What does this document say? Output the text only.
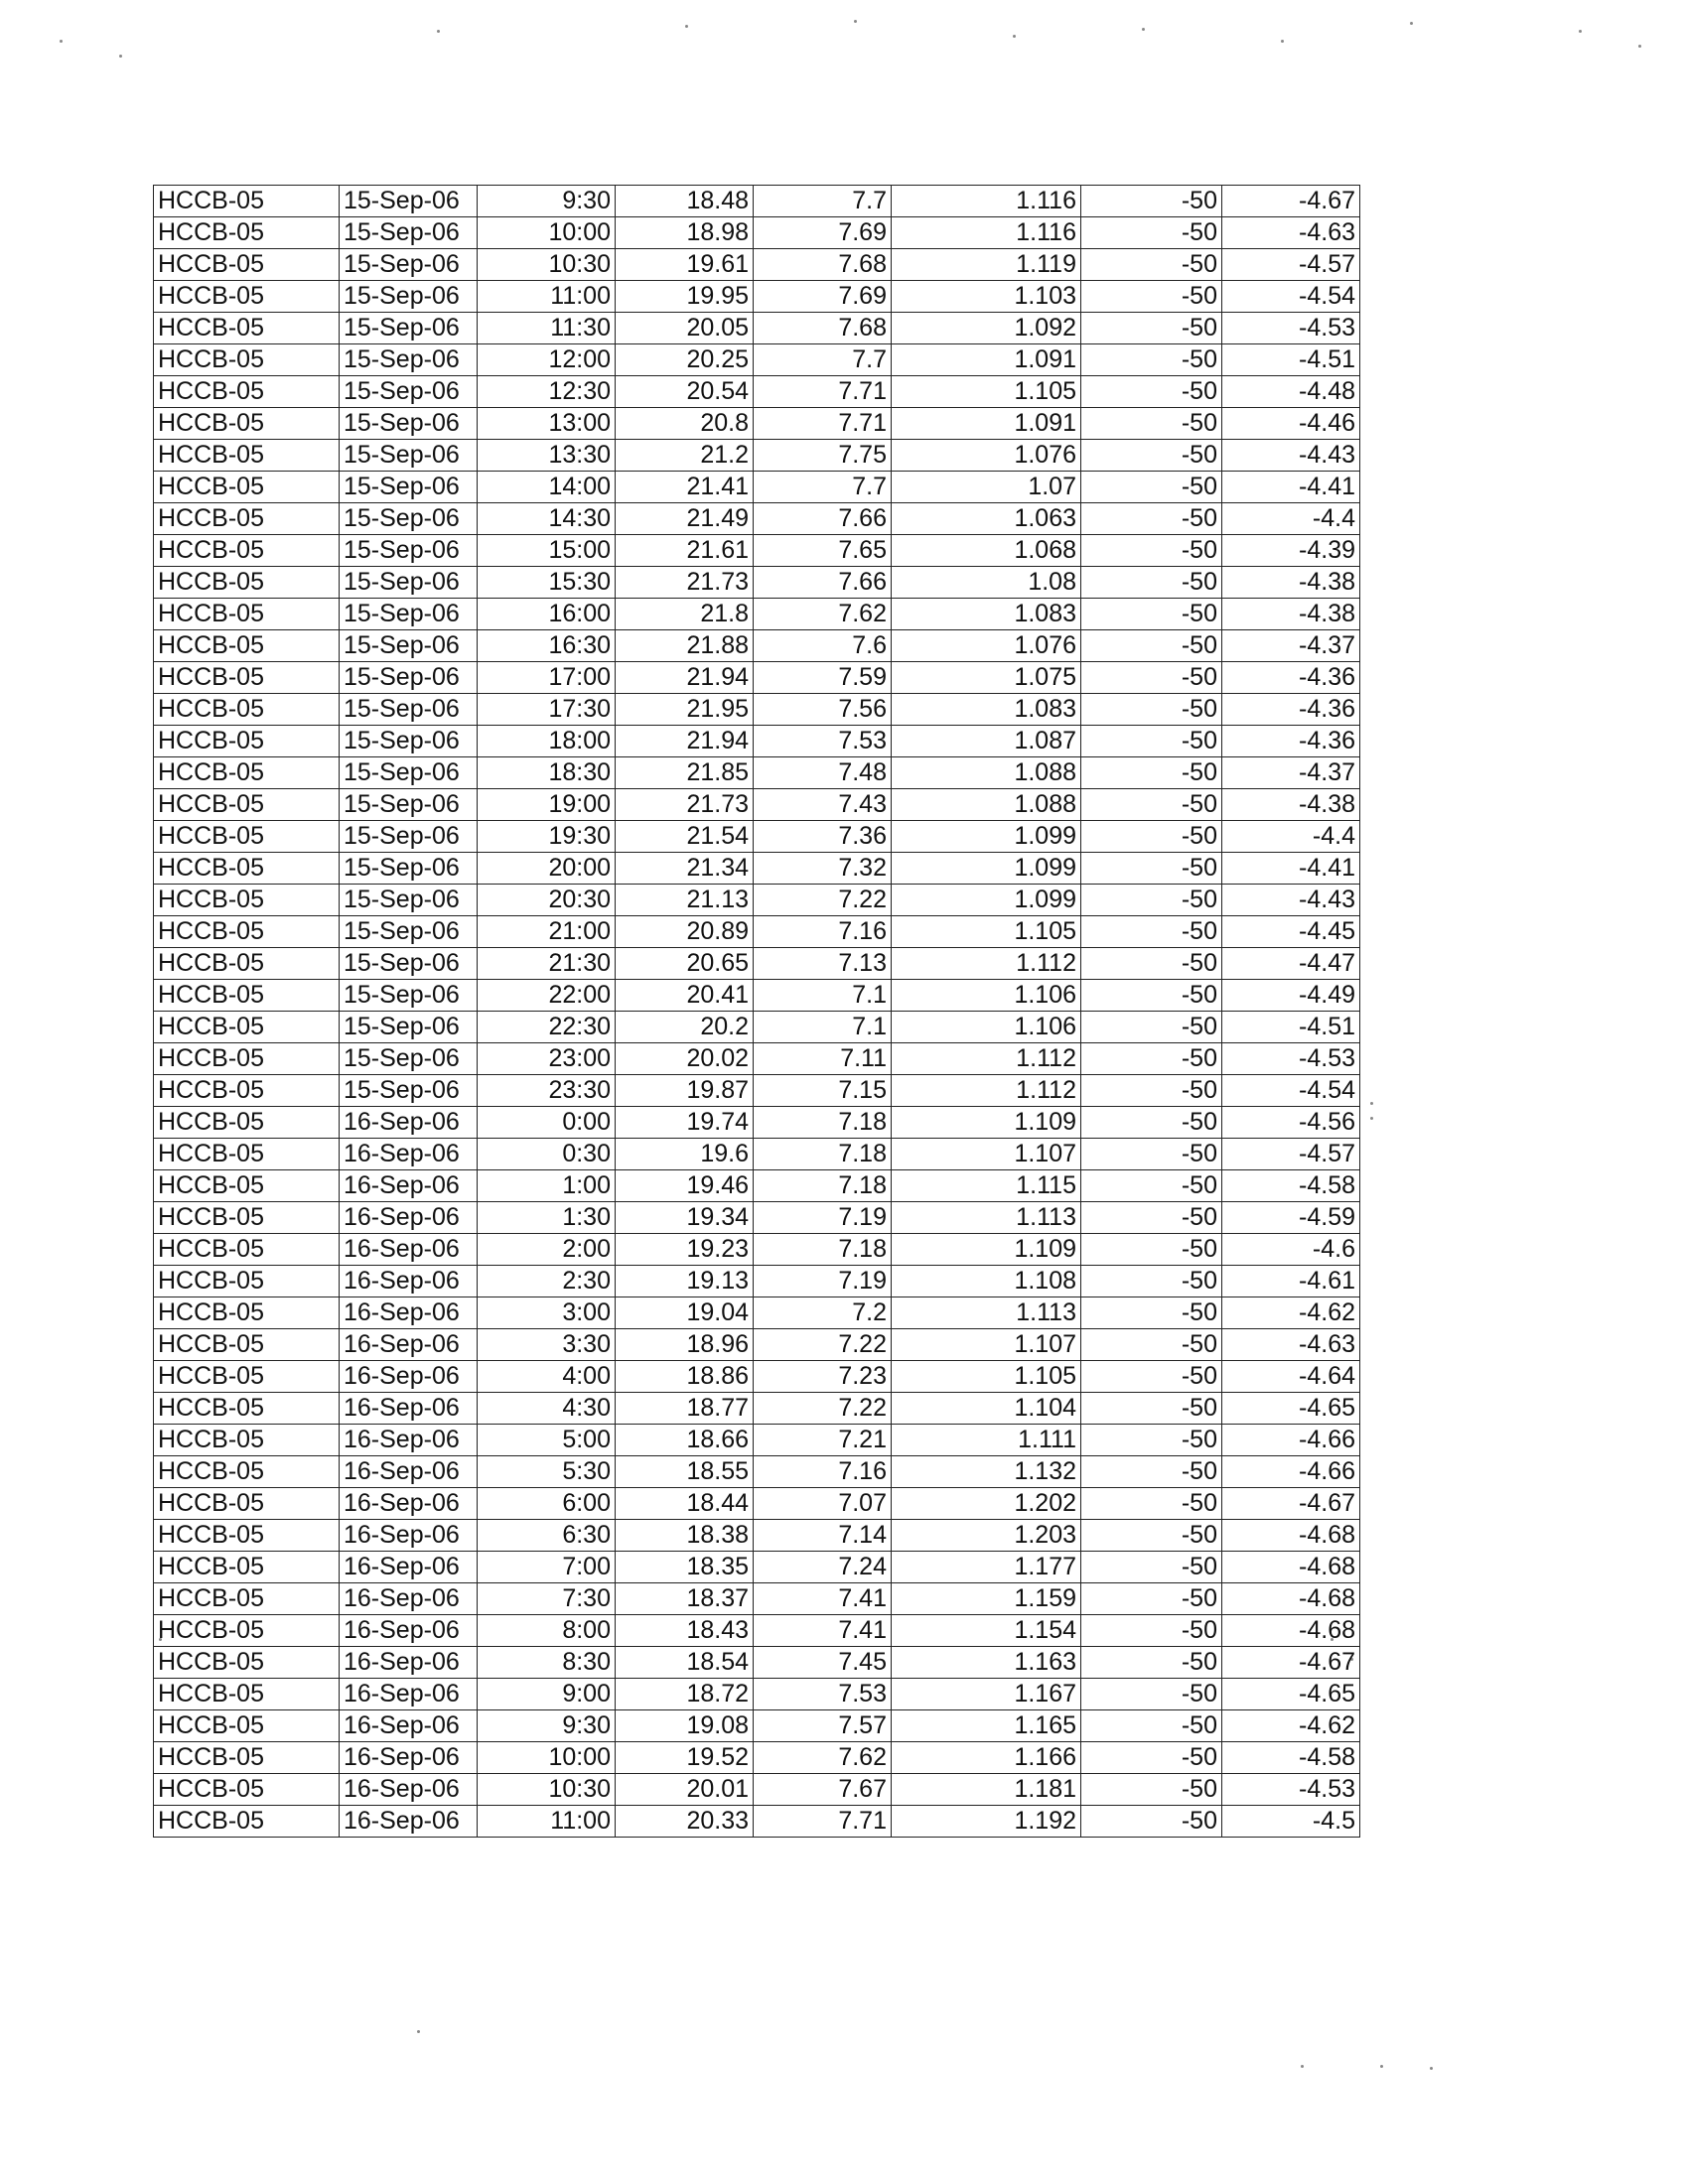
HCCB-05	15-Sep-06	9:30	18.48	7.7	1.116	-50	-4.67
HCCB-05	15-Sep-06	10:00	18.98	7.69	1.116	-50	-4.63
HCCB-05	15-Sep-06	10:30	19.61	7.68	1.119	-50	-4.57
HCCB-05	15-Sep-06	11:00	19.95	7.69	1.103	-50	-4.54
HCCB-05	15-Sep-06	11:30	20.05	7.68	1.092	-50	-4.53
HCCB-05	15-Sep-06	12:00	20.25	7.7	1.091	-50	-4.51
HCCB-05	15-Sep-06	12:30	20.54	7.71	1.105	-50	-4.48
HCCB-05	15-Sep-06	13:00	20.8	7.71	1.091	-50	-4.46
HCCB-05	15-Sep-06	13:30	21.2	7.75	1.076	-50	-4.43
HCCB-05	15-Sep-06	14:00	21.41	7.7	1.07	-50	-4.41
HCCB-05	15-Sep-06	14:30	21.49	7.66	1.063	-50	-4.4
HCCB-05	15-Sep-06	15:00	21.61	7.65	1.068	-50	-4.39
HCCB-05	15-Sep-06	15:30	21.73	7.66	1.08	-50	-4.38
HCCB-05	15-Sep-06	16:00	21.8	7.62	1.083	-50	-4.38
HCCB-05	15-Sep-06	16:30	21.88	7.6	1.076	-50	-4.37
HCCB-05	15-Sep-06	17:00	21.94	7.59	1.075	-50	-4.36
HCCB-05	15-Sep-06	17:30	21.95	7.56	1.083	-50	-4.36
HCCB-05	15-Sep-06	18:00	21.94	7.53	1.087	-50	-4.36
HCCB-05	15-Sep-06	18:30	21.85	7.48	1.088	-50	-4.37
HCCB-05	15-Sep-06	19:00	21.73	7.43	1.088	-50	-4.38
HCCB-05	15-Sep-06	19:30	21.54	7.36	1.099	-50	-4.4
HCCB-05	15-Sep-06	20:00	21.34	7.32	1.099	-50	-4.41
HCCB-05	15-Sep-06	20:30	21.13	7.22	1.099	-50	-4.43
HCCB-05	15-Sep-06	21:00	20.89	7.16	1.105	-50	-4.45
HCCB-05	15-Sep-06	21:30	20.65	7.13	1.112	-50	-4.47
HCCB-05	15-Sep-06	22:00	20.41	7.1	1.106	-50	-4.49
HCCB-05	15-Sep-06	22:30	20.2	7.1	1.106	-50	-4.51
HCCB-05	15-Sep-06	23:00	20.02	7.11	1.112	-50	-4.53
HCCB-05	15-Sep-06	23:30	19.87	7.15	1.112	-50	-4.54
HCCB-05	16-Sep-06	0:00	19.74	7.18	1.109	-50	-4.56
HCCB-05	16-Sep-06	0:30	19.6	7.18	1.107	-50	-4.57
HCCB-05	16-Sep-06	1:00	19.46	7.18	1.115	-50	-4.58
HCCB-05	16-Sep-06	1:30	19.34	7.19	1.113	-50	-4.59
HCCB-05	16-Sep-06	2:00	19.23	7.18	1.109	-50	-4.6
HCCB-05	16-Sep-06	2:30	19.13	7.19	1.108	-50	-4.61
HCCB-05	16-Sep-06	3:00	19.04	7.2	1.113	-50	-4.62
HCCB-05	16-Sep-06	3:30	18.96	7.22	1.107	-50	-4.63
HCCB-05	16-Sep-06	4:00	18.86	7.23	1.105	-50	-4.64
HCCB-05	16-Sep-06	4:30	18.77	7.22	1.104	-50	-4.65
HCCB-05	16-Sep-06	5:00	18.66	7.21	1.111	-50	-4.66
HCCB-05	16-Sep-06	5:30	18.55	7.16	1.132	-50	-4.66
HCCB-05	16-Sep-06	6:00	18.44	7.07	1.202	-50	-4.67
HCCB-05	16-Sep-06	6:30	18.38	7.14	1.203	-50	-4.68
HCCB-05	16-Sep-06	7:00	18.35	7.24	1.177	-50	-4.68
HCCB-05	16-Sep-06	7:30	18.37	7.41	1.159	-50	-4.68
HCCB-05	16-Sep-06	8:00	18.43	7.41	1.154	-50	-4.68
HCCB-05	16-Sep-06	8:30	18.54	7.45	1.163	-50	-4.67
HCCB-05	16-Sep-06	9:00	18.72	7.53	1.167	-50	-4.65
HCCB-05	16-Sep-06	9:30	19.08	7.57	1.165	-50	-4.62
HCCB-05	16-Sep-06	10:00	19.52	7.62	1.166	-50	-4.58
HCCB-05	16-Sep-06	10:30	20.01	7.67	1.181	-50	-4.53
HCCB-05	16-Sep-06	11:00	20.33	7.71	1.192	-50	-4.5
